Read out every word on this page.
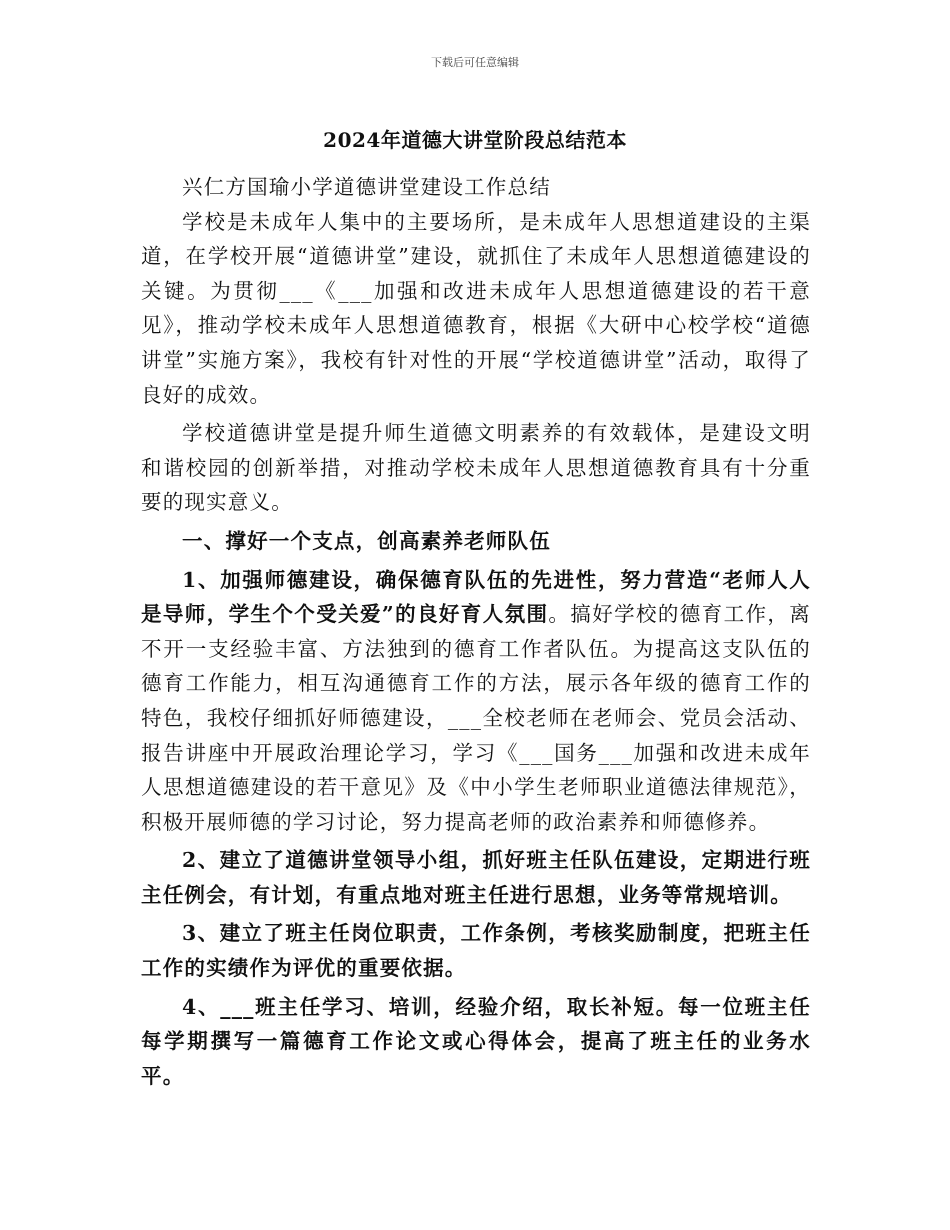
下载后可任意编辑
2024年道德大讲堂阶段总结范本

兴仁方国瑜小学道德讲堂建设工作总结

学校是未成年人集中的主要场所，是未成年人思想道建设的主渠道，在学校开展“道德讲堂”建设，就抓住了未成年人思想道德建设的关键。为贯彻___《___加强和改进未成年人思想道德建设的若干意见》，推动学校未成年人思想道德教育，根据《大研中心校学校“道德讲堂”实施方案》，我校有针对性的开展“学校道德讲堂”活动，取得了良好的成效。

学校道德讲堂是提升师生道德文明素养的有效载体，是建设文明和谐校园的创新举措，对推动学校未成年人思想道德教育具有十分重要的现实意义。

一、撑好一个支点，创高素养老师队伍

1、加强师德建设，确保德育队伍的先进性，努力营造“老师人人是导师，学生个个受关爱”的良好育人氛围。搞好学校的德育工作，离不开一支经验丰富、方法独到的德育工作者队伍。为提高这支队伍的德育工作能力，相互沟通德育工作的方法，展示各年级的德育工作的特色，我校仔细抓好师德建设，___全校老师在老师会、党员会活动、报告讲座中开展政治理论学习，学习《___国务___加强和改进未成年人思想道德建设的若干意见》及《中小学生老师职业道德法律规范》，积极开展师德的学习讨论，努力提高老师的政治素养和师德修养。

2、建立了道德讲堂领导小组，抓好班主任队伍建设，定期进行班主任例会，有计划，有重点地对班主任进行思想，业务等常规培训。

3、建立了班主任岗位职责，工作条例，考核奖励制度，把班主任工作的实绩作为评优的重要依据。

4、___班主任学习、培训，经验介绍，取长补短。每一位班主任每学期撰写一篇德育工作论文或心得体会，提高了班主任的业务水平。
